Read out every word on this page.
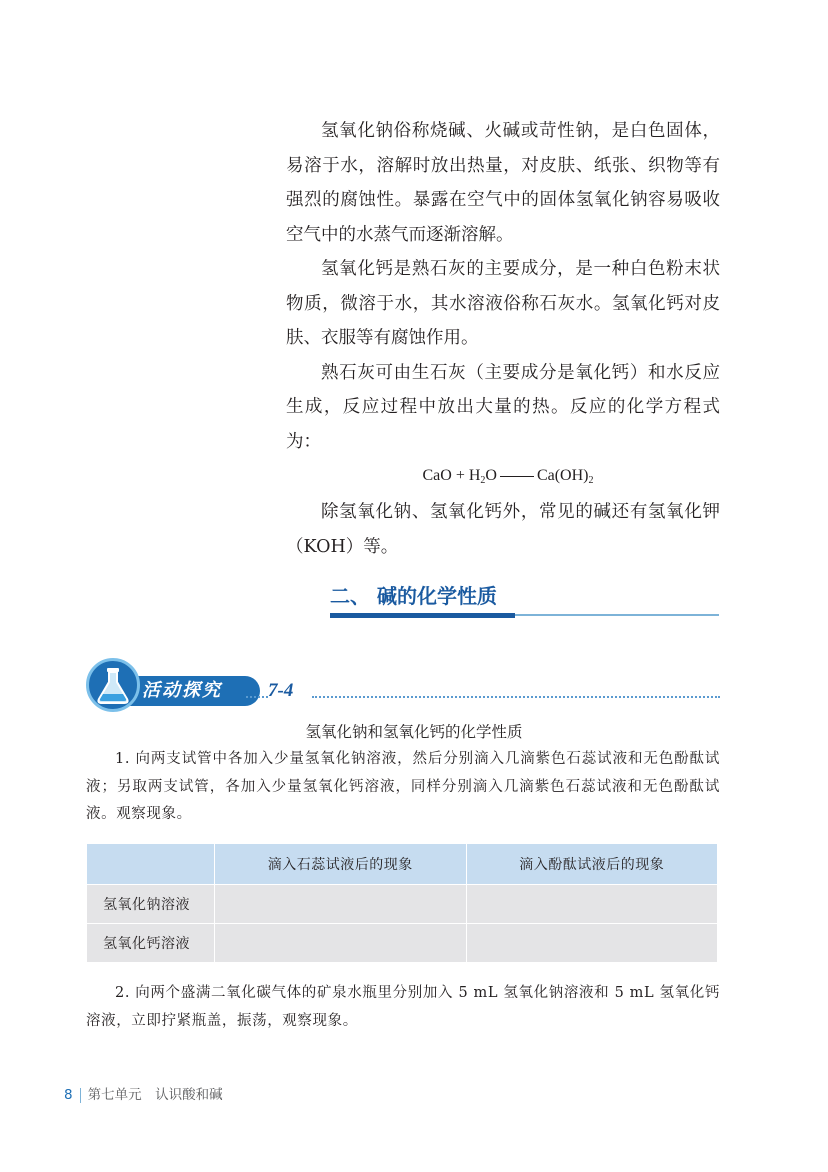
氢氧化钠俗称烧碱、火碱或苛性钠，是白色固体，易溶于水，溶解时放出热量，对皮肤、纸张、织物等有强烈的腐蚀性。暴露在空气中的固体氢氧化钠容易吸收空气中的水蒸气而逐渐溶解。

氢氧化钙是熟石灰的主要成分，是一种白色粉末状物质，微溶于水，其水溶液俗称石灰水。氢氧化钙对皮肤、衣服等有腐蚀作用。

熟石灰可由生石灰（主要成分是氧化钙）和水反应生成，反应过程中放出大量的热。反应的化学方程式为：

CaO + $H_2O$	$Ca(OH)_2$

除氢氧化钠、氢氧化钙外，常见的碱还有氢氧化钾（KOH）等。

二、 碱的化学性质
活动探究	7-4
氢氧化钠和氢氧化钙的化学性质

1. 向两支试管中各加入少量氢氧化钠溶液，然后分别滴入几滴紫色石蕊试液和无色酚酞试液；另取两支试管，各加入少量氢氧化钙溶液，同样分别滴入几滴紫色石蕊试液和无色酚酞试液。观察现象。

	滴入石蕊试液后的现象	滴入酚酞试液后的现象
氢氧化钠溶液		
氢氧化钙溶液		

2. 向两个盛满二氧化碳气体的矿泉水瓶里分别加入 5 mL 氢氧化钠溶液和 5 mL 氢氧化钙溶液，立即拧紧瓶盖，振荡，观察现象。

8 第七单元　认识酸和碱
